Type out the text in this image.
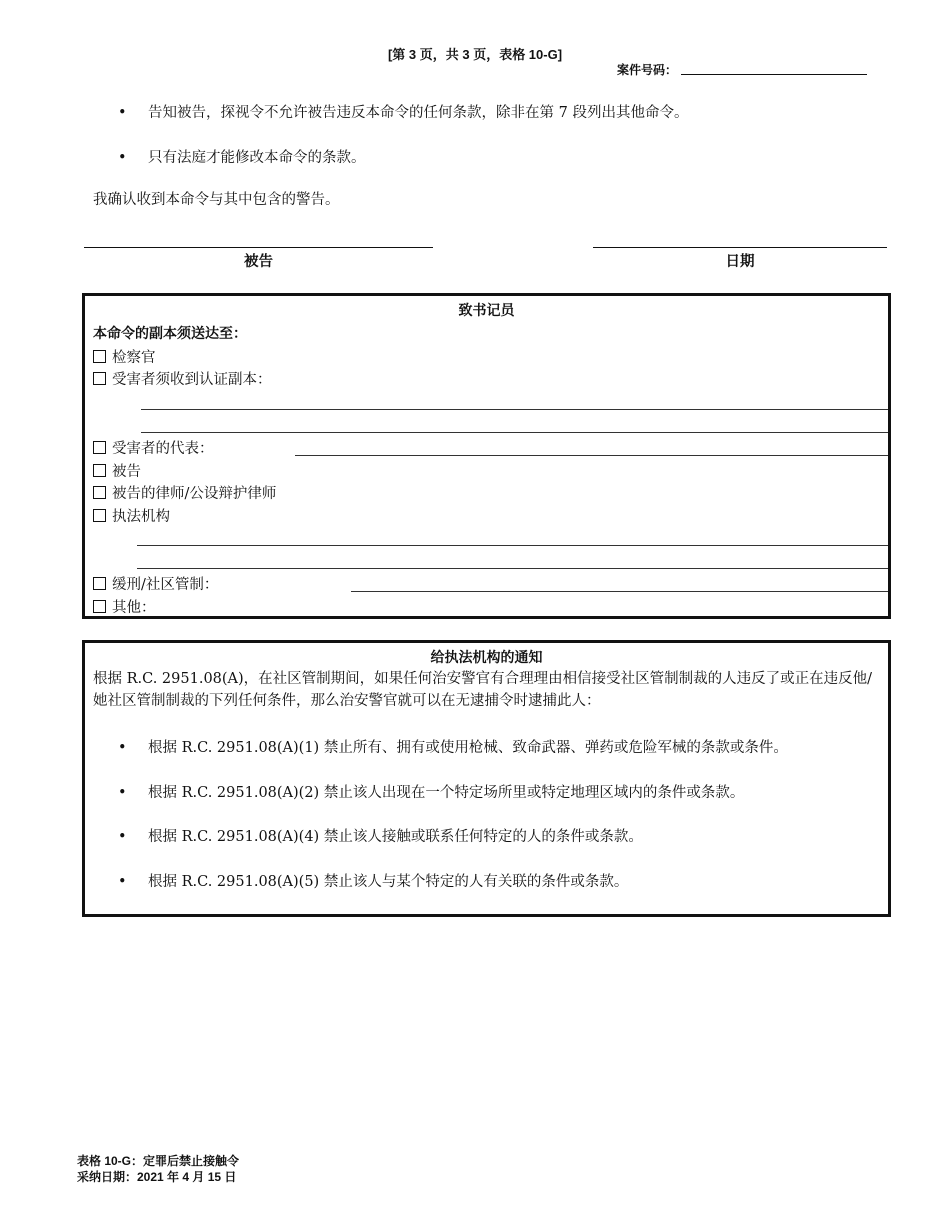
[第 3 页，共 3 页，表格 10-G]
案件号码：
• 告知被告，探视令不允许被告违反本命令的任何条款，除非在第 7 段列出其他命令。
• 只有法庭才能修改本命令的条款。
我确认收到本命令与其中包含的警告。
被告	日期
致书记员
本命令的副本须送达至：
检察官
受害者须收到认证副本：
受害者的代表：
被告
被告的律师/公设辩护律师
执法机构
缓刑/社区管制：
其他：
给执法机构的通知
根据 R.C. 2951.08(A)，在社区管制期间，如果任何治安警官有合理理由相信接受社区管制制裁的人违反了或正在违反他/她社区管制制裁的下列任何条件，那么治安警官就可以在无逮捕令时逮捕此人：
• 根据 R.C. 2951.08(A)(1) 禁止所有、拥有或使用枪械、致命武器、弹药或危险军械的条款或条件。
• 根据 R.C. 2951.08(A)(2) 禁止该人出现在一个特定场所里或特定地理区域内的条件或条款。
• 根据 R.C. 2951.08(A)(4) 禁止该人接触或联系任何特定的人的条件或条款。
• 根据 R.C. 2951.08(A)(5) 禁止该人与某个特定的人有关联的条件或条款。
表格 10-G：定罪后禁止接触令
采纳日期：2021 年 4 月 15 日
